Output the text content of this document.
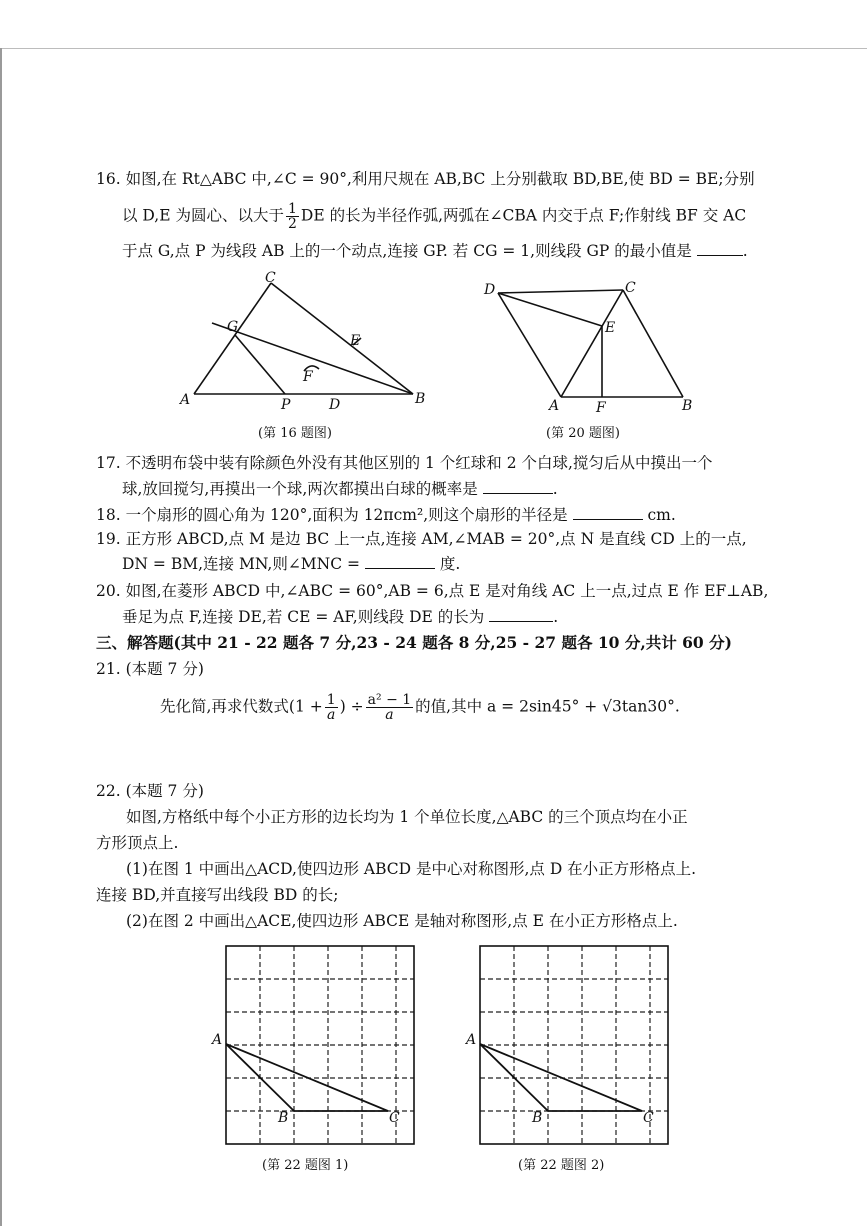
16. 如图,在 Rt△ABC 中,∠C = 90°,利用尺规在 AB,BC 上分别截取 BD,BE,使 BD = BE;分别
以 D,E 为圆心、以大于 $\frac{1}{2}$ DE 的长为半径作弧,两弧在∠CBA 内交于点 F;作射线 BF 交 AC
于点 G,点 P 为线段 AB 上的一个动点,连接 GP. 若 CG = 1,则线段 GP 的最小值是	.
A	B
C
G
E
F
P	D
(第 16 题图)
D	C
E
A	F	B
(第 20 题图)
17. 不透明布袋中装有除颜色外没有其他区别的 1 个红球和 2 个白球,搅匀后从中摸出一个
球,放回搅匀,再摸出一个球,两次都摸出白球的概率是	.
18. 一个扇形的圆心角为 120°,面积为 12πcm²,则这个扇形的半径是	cm.
19. 正方形 ABCD,点 M 是边 BC 上一点,连接 AM,∠MAB = 20°,点 N 是直线 CD 上的一点,
DN = BM,连接 MN,则∠MNC =	度.
20. 如图,在菱形 ABCD 中,∠ABC = 60°,AB = 6,点 E 是对角线 AC 上一点,过点 E 作 EF⊥AB,
垂足为点 F,连接 DE,若 CE = AF,则线段 DE 的长为	.
三、解答题(其中 21 - 22 题各 7 分,23 - 24 题各 8 分,25 - 27 题各 10 分,共计 60 分)
21. (本题 7 分)
先化简,再求代数式($1 + \frac{1}{a}$ ) ÷ $\frac{\text{a² − 1}}{a}$ 的值,其中 a = 2sin45° + √3tan30°.
22. (本题 7 分)
如图,方格纸中每个小正方形的边长均为 1 个单位长度,△ABC 的三个顶点均在小正
方形顶点上.
(1)在图 1 中画出△ACD,使四边形 ABCD 是中心对称图形,点 D 在小正方形格点上.
连接 BD,并直接写出线段 BD 的长;
(2)在图 2 中画出△ACE,使四边形 ABCE 是轴对称图形,点 E 在小正方形格点上.
A
B	C
(第 22 题图 1)
A
B	C
(第 22 题图 2)
